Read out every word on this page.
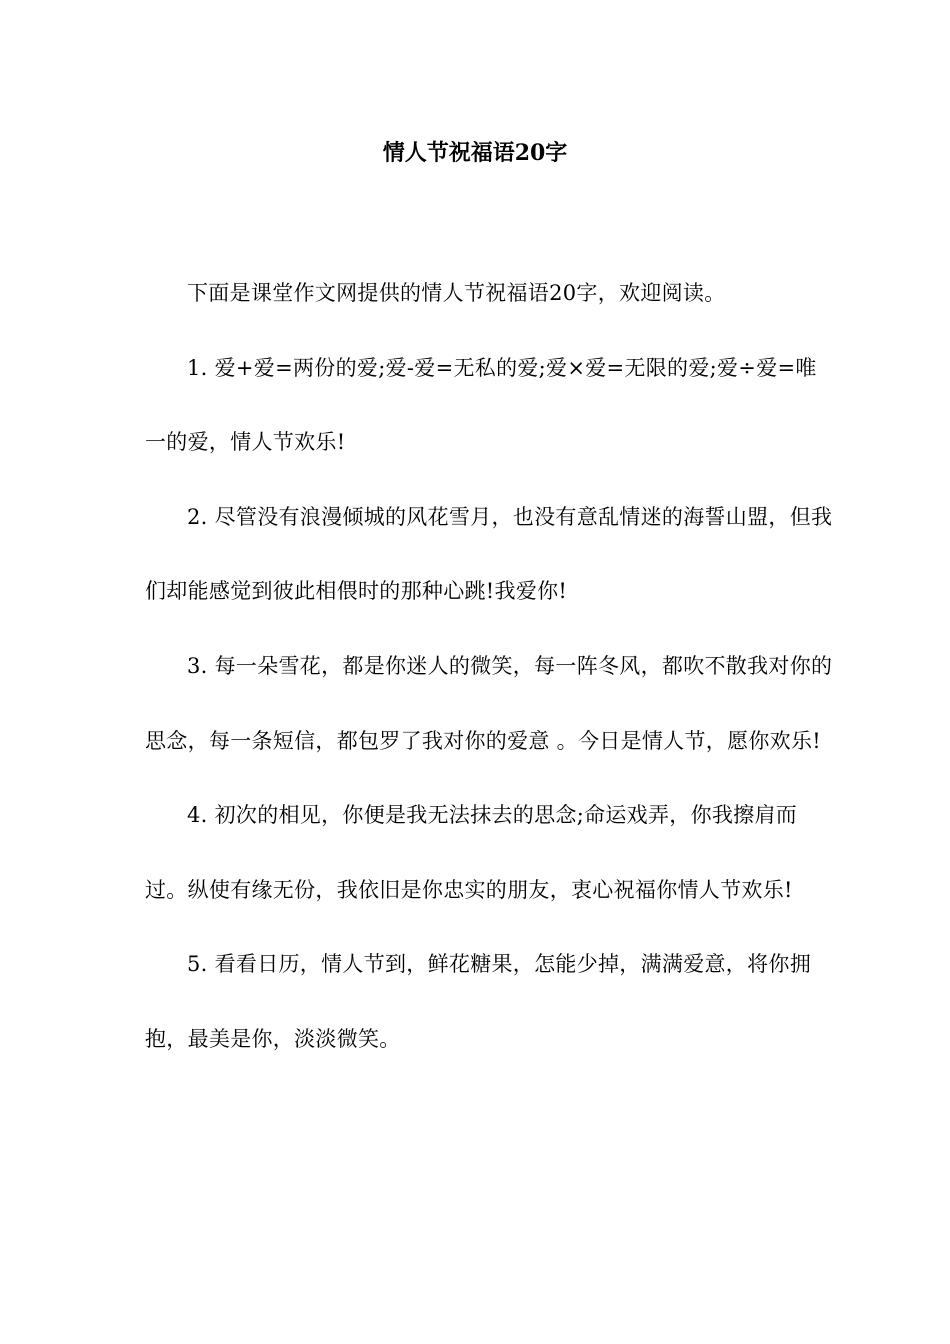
情人节祝福语20字

下面是课堂作文网提供的情人节祝福语20字，欢迎阅读。

1. 爱+爱=两份的爱;爱-爱=无私的爱;爱×爱=无限的爱;爱÷爱=唯一的爱，情人节欢乐!

2. 尽管没有浪漫倾城的风花雪月，也没有意乱情迷的海誓山盟，但我们却能感觉到彼此相偎时的那种心跳!我爱你!

3. 每一朵雪花，都是你迷人的微笑，每一阵冬风，都吹不散我对你的思念，每一条短信，都包罗了我对你的爱意 。今日是情人节，愿你欢乐!

4. 初次的相见，你便是我无法抹去的思念;命运戏弄，你我擦肩而过。纵使有缘无份，我依旧是你忠实的朋友，衷心祝福你情人节欢乐!

5. 看看日历，情人节到，鲜花糖果，怎能少掉，满满爱意，将你拥抱，最美是你，淡淡微笑。
